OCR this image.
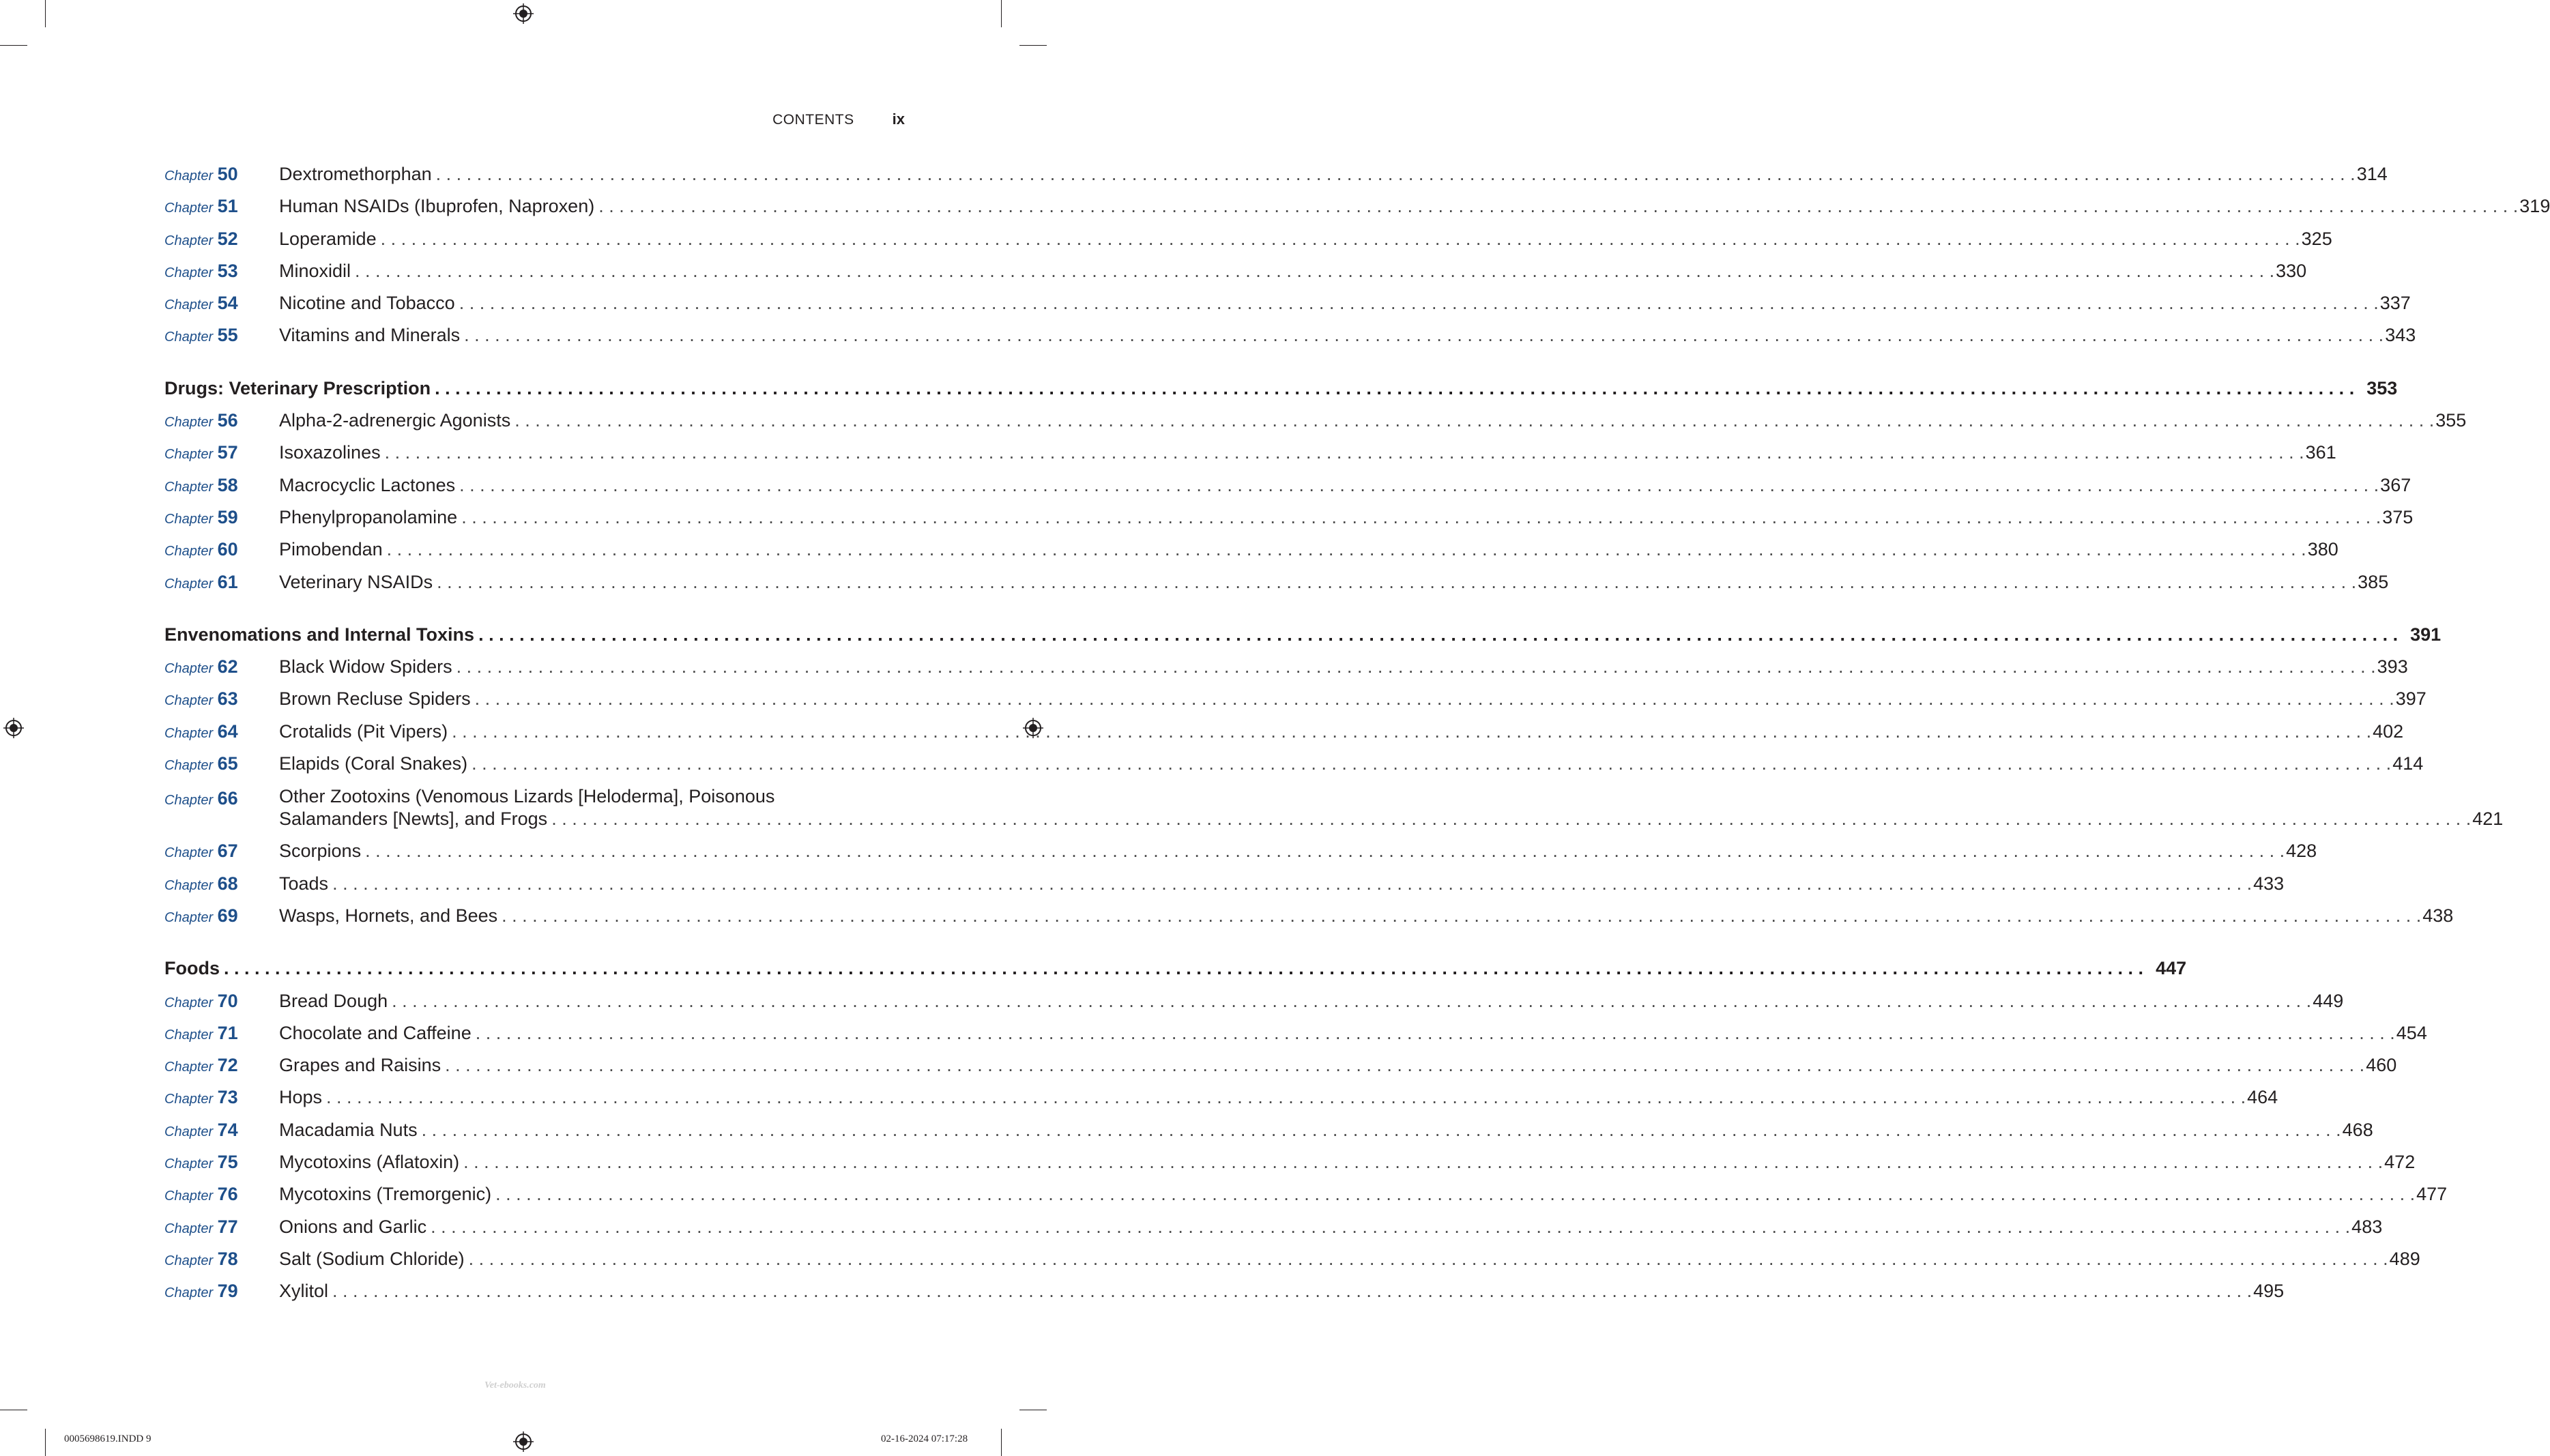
CONTENTS	ix
Chapter 50	Dextromethorphan . . .	314
Chapter 51	Human NSAIDs (Ibuprofen, Naproxen) . . .	319
Chapter 52	Loperamide . . .	325
Chapter 53	Minoxidil . . .	330
Chapter 54	Nicotine and Tobacco . . .	337
Chapter 55	Vitamins and Minerals . . .	343
Drugs: Veterinary Prescription . . .	353
Chapter 56	Alpha-2-adrenergic Agonists . . .	355
Chapter 57	Isoxazolines . . .	361
Chapter 58	Macrocyclic Lactones . . .	367
Chapter 59	Phenylpropanolamine . . .	375
Chapter 60	Pimobendan . . .	380
Chapter 61	Veterinary NSAIDs . . .	385
Envenomations and Internal Toxins . . .	391
Chapter 62	Black Widow Spiders . . .	393
Chapter 63	Brown Recluse Spiders . . .	397
Chapter 64	Crotalids (Pit Vipers) . . .	402
Chapter 65	Elapids (Coral Snakes) . . .	414
Chapter 66	Other Zootoxins (Venomous Lizards [Heloderma], Poisonous
Salamanders [Newts], and Frogs . . .	421
Chapter 67	Scorpions . . .	428
Chapter 68	Toads . . .	433
Chapter 69	Wasps, Hornets, and Bees . . .	438
Foods . . .	447
Chapter 70	Bread Dough . . .	449
Chapter 71	Chocolate and Caffeine . . .	454
Chapter 72	Grapes and Raisins . . .	460
Chapter 73	Hops . . .	464
Chapter 74	Macadamia Nuts . . .	468
Chapter 75	Mycotoxins (Aflatoxin) . . .	472
Chapter 76	Mycotoxins (Tremorgenic) . . .	477
Chapter 77	Onions and Garlic . . .	483
Chapter 78	Salt (Sodium Chloride) . . .	489
Chapter 79	Xylitol . . .	495
Vet-ebooks.com
0005698619.INDD 9	02-16-2024 07:17:28
